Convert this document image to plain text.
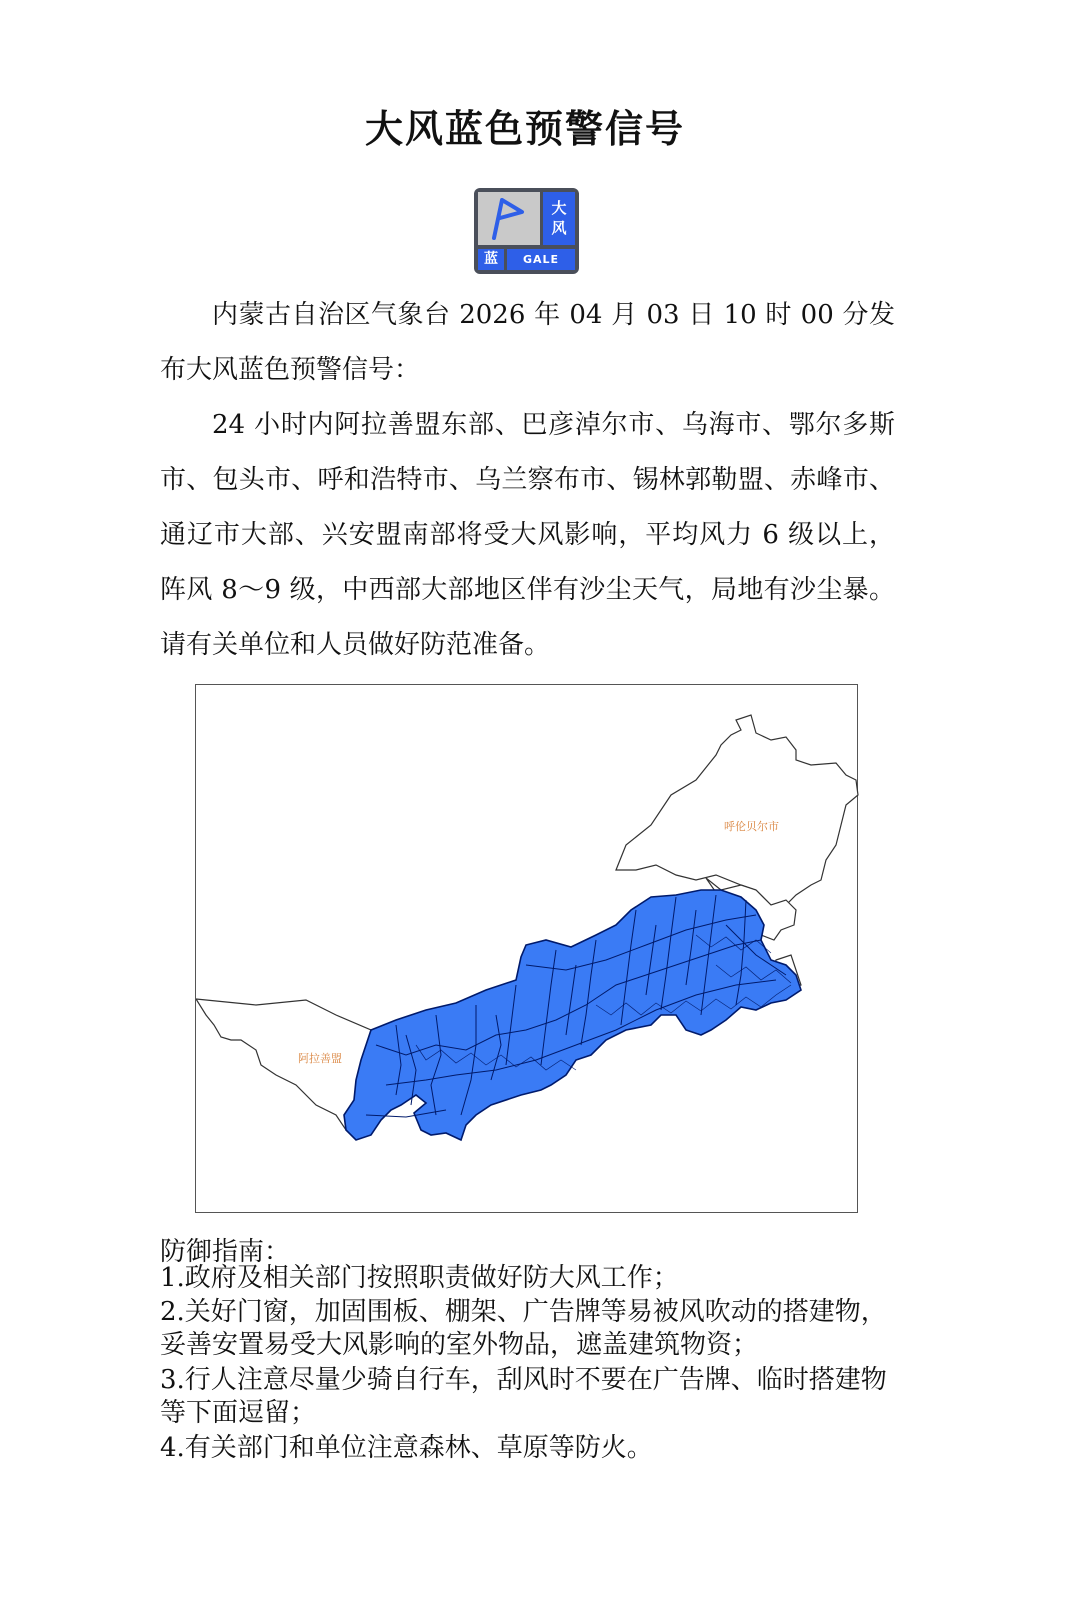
大风蓝色预警信号
大
风
蓝	GALE
内蒙古自治区气象台 2026 年 04 月 03 日 10 时 00 分发布大风蓝色预警信号：
24 小时内阿拉善盟东部、巴彦淖尔市、乌海市、鄂尔多斯市、包头市、呼和浩特市、乌兰察布市、锡林郭勒盟、赤峰市、通辽市大部、兴安盟南部将受大风影响，平均风力 6 级以上，阵风 8～9 级，中西部大部地区伴有沙尘天气，局地有沙尘暴。请有关单位和人员做好防范准备。
呼伦贝尔市
阿拉善盟
防御指南：
1.政府及相关部门按照职责做好防大风工作；
2.关好门窗，加固围板、棚架、广告牌等易被风吹动的搭建物，妥善安置易受大风影响的室外物品，遮盖建筑物资；
3.行人注意尽量少骑自行车，刮风时不要在广告牌、临时搭建物等下面逗留；
4.有关部门和单位注意森林、草原等防火。
